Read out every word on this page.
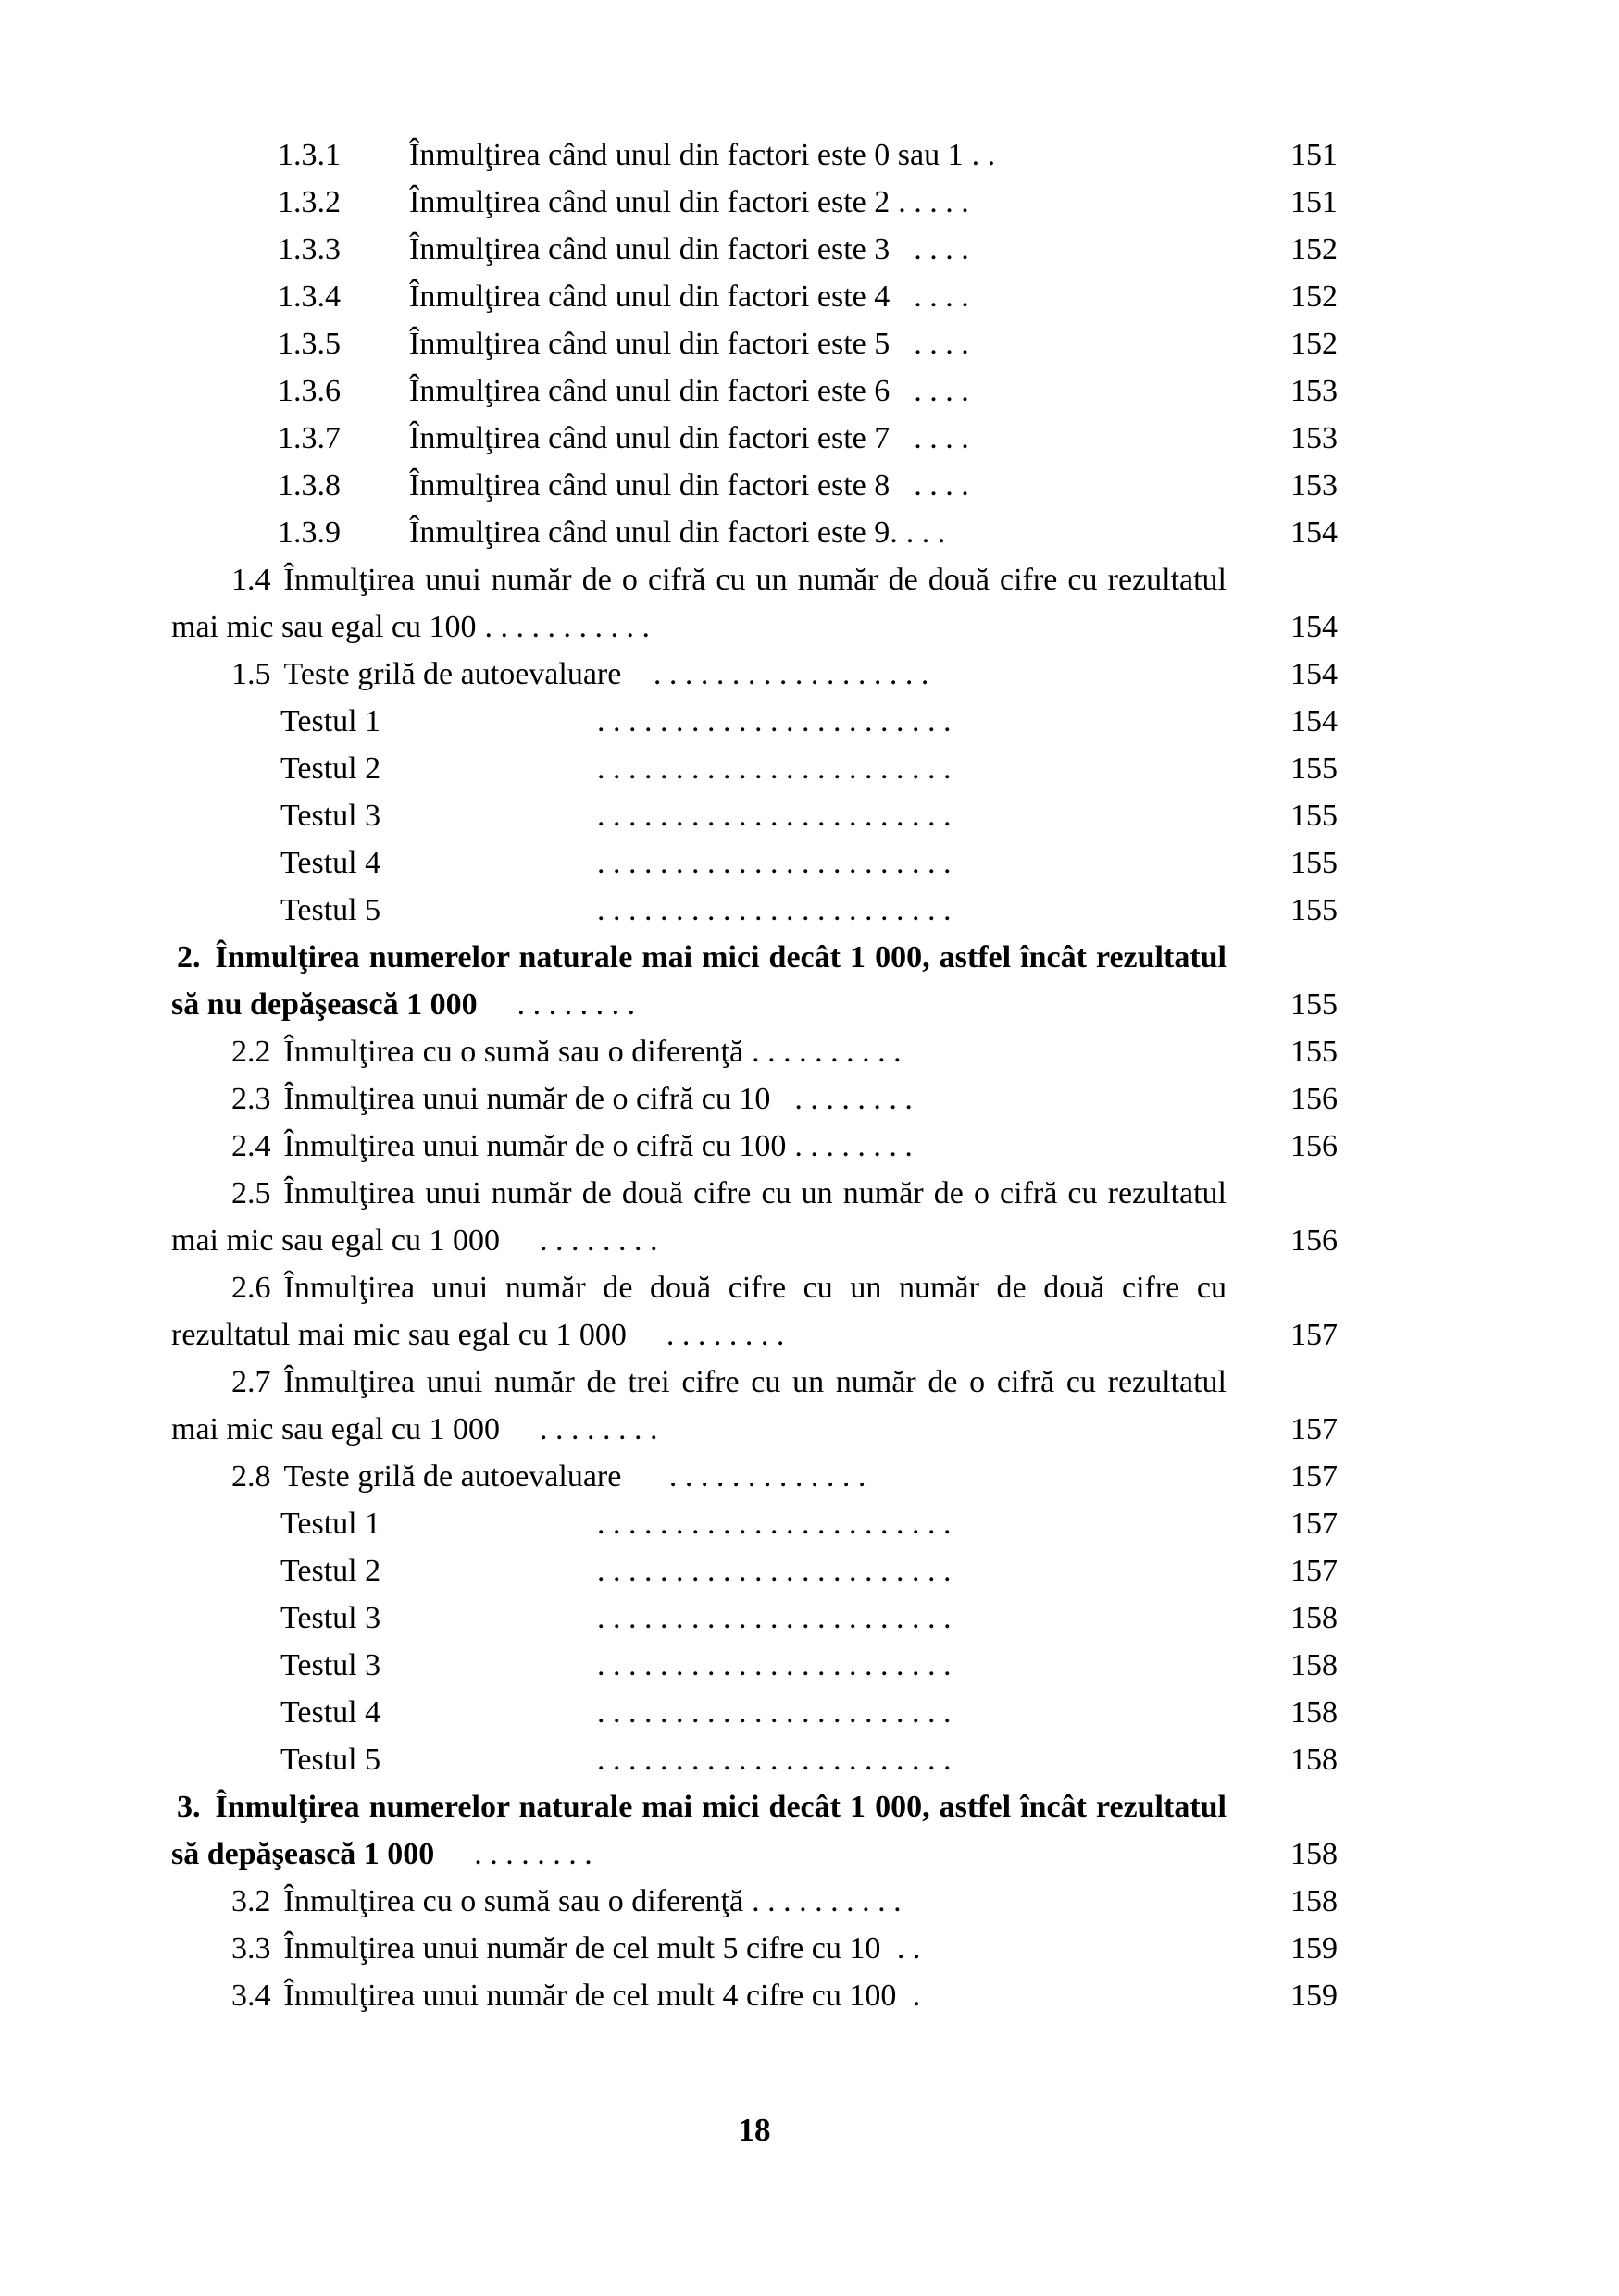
1.3.1 Înmulţirea când unul din factori este 0 sau 1 . .	151
1.3.2 Înmulţirea când unul din factori este 2 . . . . .	151
1.3.3 Înmulţirea când unul din factori este 3  . . . .	152
1.3.4 Înmulţirea când unul din factori este 4  . . . .	152
1.3.5 Înmulţirea când unul din factori este 5  . . . .	152
1.3.6 Înmulţirea când unul din factori este 6  . . . .	153
1.3.7 Înmulţirea când unul din factori este 7  . . . .	153
1.3.8 Înmulţirea când unul din factori este 8  . . . .	153
1.3.9 Înmulţirea când unul din factori este 9. . . .	154
1.4 Înmulţirea unui număr de o cifră cu un număr de două cifre cu rezultatul mai mic sau egal cu 100 . . . . . . . . . . .	154
1.5 Teste grilă de autoevaluare   . . . . . . . . . . . . . . . . . .	154
Testul 1	. . . . . . . . . . . . . . . . . . . . . . .	154
Testul 2	. . . . . . . . . . . . . . . . . . . . . . .	155
Testul 3	. . . . . . . . . . . . . . . . . . . . . . .	155
Testul 4	. . . . . . . . . . . . . . . . . . . . . . .	155
Testul 5	. . . . . . . . . . . . . . . . . . . . . . .	155
2. Înmulţirea numerelor naturale mai mici decât 1 000, astfel încât rezultatul să nu depăşească 1 000    . . . . . . . .	155
2.2 Înmulţirea cu o sumă sau o diferenţă . . . . . . . . . .	155
2.3 Înmulţirea unui număr de o cifră cu 10  . . . . . . . .	156
2.4 Înmulţirea unui număr de o cifră cu 100 . . . . . . . .	156
2.5 Înmulţirea unui număr de două cifre cu un număr de o cifră cu rezultatul mai mic sau egal cu 1 000    . . . . . . . .	156
2.6 Înmulţirea unui număr de două cifre cu un număr de două cifre cu rezultatul mai mic sau egal cu 1 000    . . . . . . . .	157
2.7 Înmulţirea unui număr de trei cifre cu un număr de o cifră cu rezultatul mai mic sau egal cu 1 000    . . . . . . . .	157
2.8 Teste grilă de autoevaluare     . . . . . . . . . . . . .	157
Testul 1	. . . . . . . . . . . . . . . . . . . . . . .	157
Testul 2	. . . . . . . . . . . . . . . . . . . . . . .	157
Testul 3	. . . . . . . . . . . . . . . . . . . . . . .	158
Testul 3	. . . . . . . . . . . . . . . . . . . . . . .	158
Testul 4	. . . . . . . . . . . . . . . . . . . . . . .	158
Testul 5	. . . . . . . . . . . . . . . . . . . . . . .	158
3. Înmulţirea numerelor naturale mai mici decât 1 000, astfel încât rezultatul să depăşească 1 000    . . . . . . . .	158
3.2 Înmulţirea cu o sumă sau o diferenţă . . . . . . . . . .	158
3.3 Înmulţirea unui număr de cel mult 5 cifre cu 10 . .	159
3.4 Înmulţirea unui număr de cel mult 4 cifre cu 100 .	159
18
